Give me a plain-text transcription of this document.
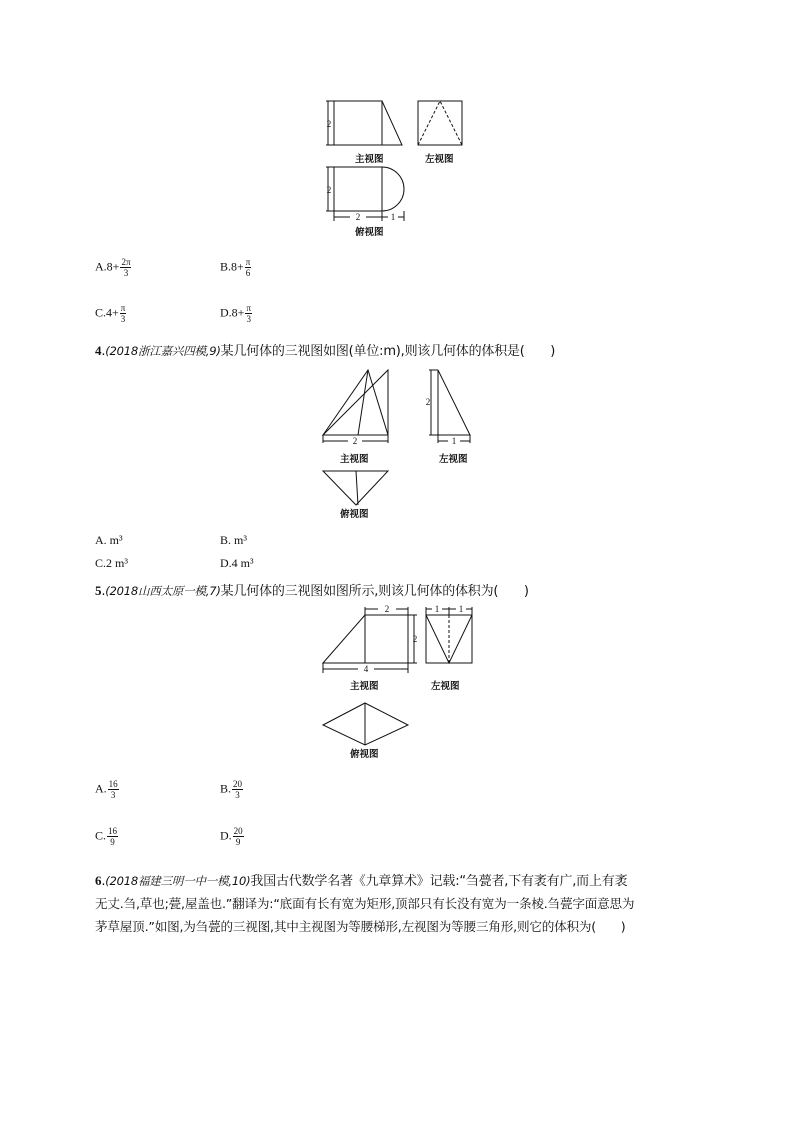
2
2
2	1
主视图	左视图
俯视图
$A.8+ \frac{2\pi}{3}$	$B.8+ \frac{\pi}{6}$
$C.4+ \frac{\pi}{3}$	$D.8+ \frac{\pi}{3}$
4.(2018浙江嘉兴四模,9)某几何体的三视图如图(单位:m),则该几何体的体积是(　　)
2
2
1
主视图	左视图
俯视图
A. m³	B. m³
C.2 m³	D.4 m³
5.(2018山西太原一模,7)某几何体的三视图如图所示,则该几何体的体积为(　　)
2
2
4
1 1
主视图	左视图
俯视图
A. $\frac{16}{3}$	B. $\frac{20}{3}$
C. $\frac{16}{9}$	D. $\frac{20}{9}$
6.(2018福建三明一中一模,10)我国古代数学名著《九章算术》记载:“刍甍者,下有袤有广,而上有袤
无丈.刍,草也;甍,屋盖也.”翻译为:“底面有长有宽为矩形,顶部只有长没有宽为一条棱.刍甍字面意思为
茅草屋顶.”如图,为刍甍的三视图,其中主视图为等腰梯形,左视图为等腰三角形,则它的体积为(　　)
